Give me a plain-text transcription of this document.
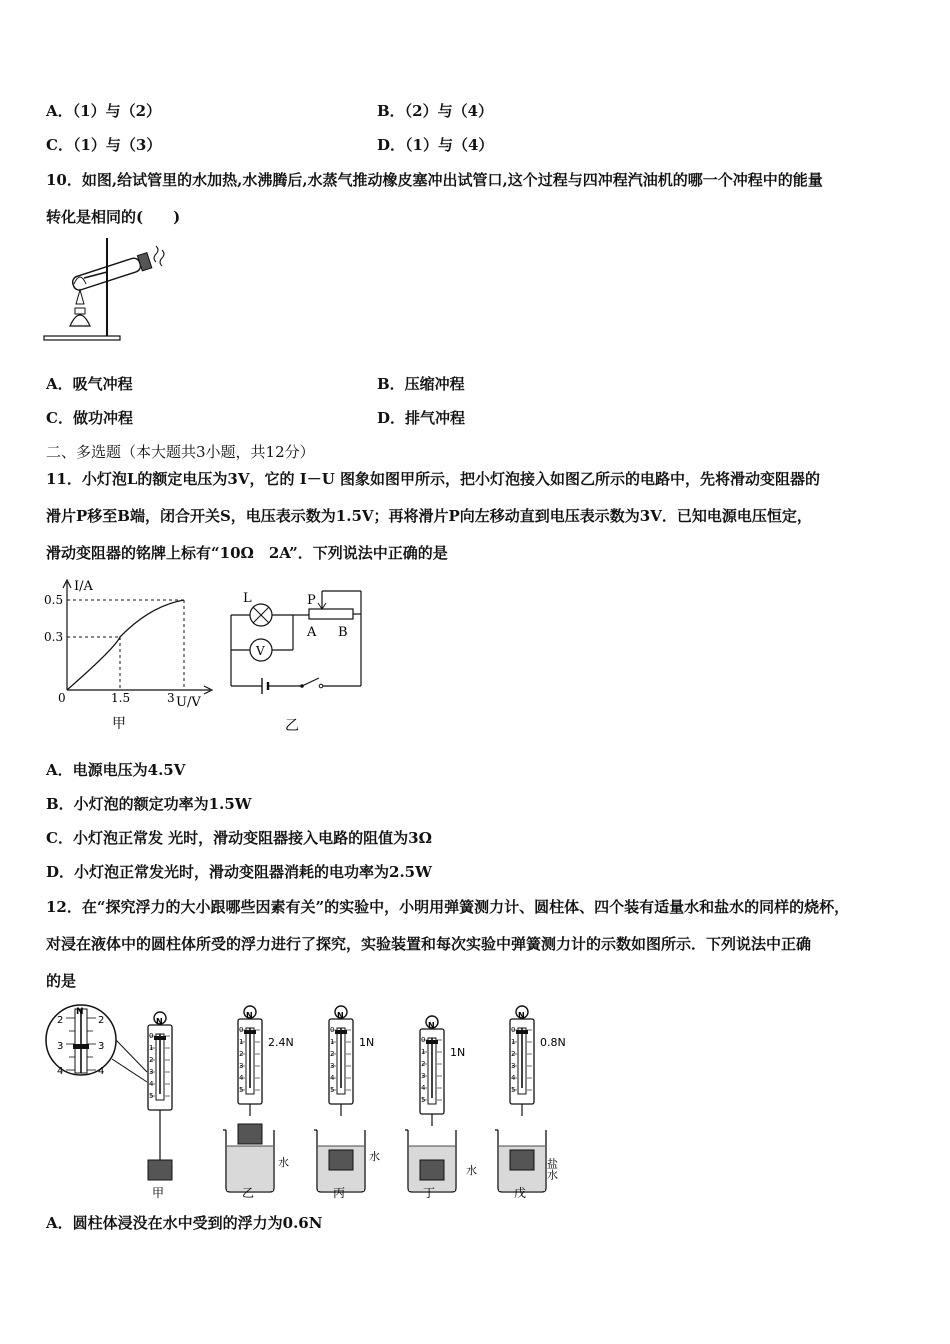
A．（1）与（2）	B．（2）与（4）
C．（1）与（3）	D．（1）与（4）
10．如图,给试管里的水加热,水沸腾后,水蒸气推动橡皮塞冲出试管口,这个过程与四冲程汽油机的哪一个冲程中的能量
转化是相同的(　　)
A．吸气冲程	B．压缩冲程
C．做功冲程	D．排气冲程
二、多选题（本大题共3小题，共12分）
11．小灯泡L的额定电压为3V，它的 I－U 图象如图甲所示，把小灯泡接入如图乙所示的电路中，先将滑动变阻器的
滑片P移至B端，闭合开关S，电压表示数为1.5V；再将滑片P向左移动直到电压表示数为3V．已知电源电压恒定，
滑动变阻器的铭牌上标有“10Ω　2A”．下列说法中正确的是
I/A
0.5
0.3
0	1.5	3 U/V
甲
L
V
P
A B
乙
A．电源电压为4.5V
B．小灯泡的额定功率为1.5W
C．小灯泡正常发 光时，滑动变阻器接入电路的阻值为3Ω
D．小灯泡正常发光时，滑动变阻器消耗的电功率为2.5W
12．在“探究浮力的大小跟哪些因素有关”的实验中，小明用弹簧测力计、圆柱体、四个装有适量水和盐水的同样的烧杯，
对浸在液体中的圆柱体所受的浮力进行了探究，实验装置和每次实验中弹簧测力计的示数如图所示．下列说法中正确
的是
N
2	2
3	3
4	4
N
0
1
2
3
4
5
甲
N
0
1
2
3
4
5
2.4N
水
乙
N
0
1
2
3
4
5
1N
水
丙
N
0
1
2
3
4
5
1N
水
丁
N
0
1
2
3
4
5
0.8N
盐水
戊
A．圆柱体浸没在水中受到的浮力为0.6N
